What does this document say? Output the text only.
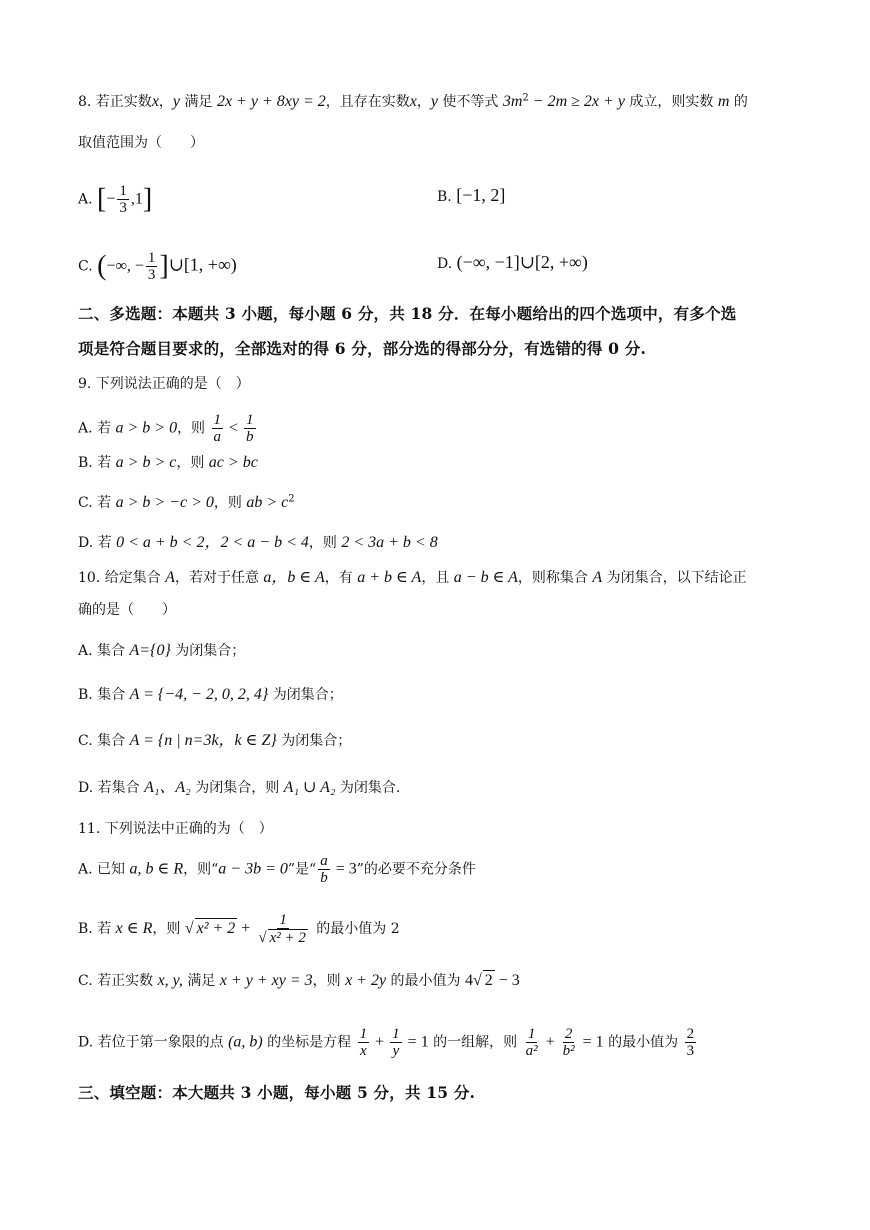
8. 若正实数x，y 满足 2x + y + 8xy = 2，且存在实数x，y 使不等式 $3m^2 - 2m \ge 2x + y$ 成立，则实数 m 的
取值范围为（　　）
A. [− $\frac{1}{3} ,1$]	B. [−1, 2]
C. (−∞, − $\frac{1}{3}$ ]∪[1, +∞)	D. (−∞, −1]∪[2, +∞)
二、多选题：本题共 3 小题，每小题 6 分，共 18 分．在每小题给出的四个选项中，有多个选
项是符合题目要求的，全部选对的得 6 分，部分选的得部分分，有选错的得 0 分.
9. 下列说法正确的是（　）
A. 若 a > b > 0，则 $\frac{1}{a} < \frac{1}{b}$
B. 若 a > b > c，则 ac > bc
C. 若 a > b > −c > 0，则 ab > $c^2$
D. 若 0 < a + b < 2，2 < a − b < 4，则 2 < 3a + b < 8
10. 给定集合 A，若对于任意 a，b ∈ A，有 a + b ∈ A，且 a − b ∈ A，则称集合 A 为闭集合，以下结论正
确的是（　　）
A. 集合 A={0} 为闭集合；
B. 集合 A = {−4, − 2, 0, 2, 4} 为闭集合；
C. 集合 A = {n | n=3k，k ∈ Z} 为闭集合；
D. 若集合 A₁、A₂ 为闭集合，则 A₁ ∪ A₂ 为闭集合.
11. 下列说法中正确的为（　）
A. 已知 a, b ∈ R，则“a − 3b = 0”是“ $\frac{a}{b} = 3$”的必要不充分条件
B. 若 x ∈ R，则 √ $x^2 + 2 + \frac{1}{\text{√ x² + 2}}$ 的最小值为 2
C. 若正实数 x, y, 满足 x + y + xy = 3，则 x + 2y 的最小值为 4√ 2 − 3
D. 若位于第一象限的点 (a, b) 的坐标是方程 $\frac{1}{x} + \frac{1}{y} = 1$ 的一组解，则 $\frac{1}{\text{a²}} + \frac{2}{\text{b²}} = 1$ 的最小值为 $\frac{2}{3}$
三、填空题：本大题共 3 小题，每小题 5 分，共 15 分.
